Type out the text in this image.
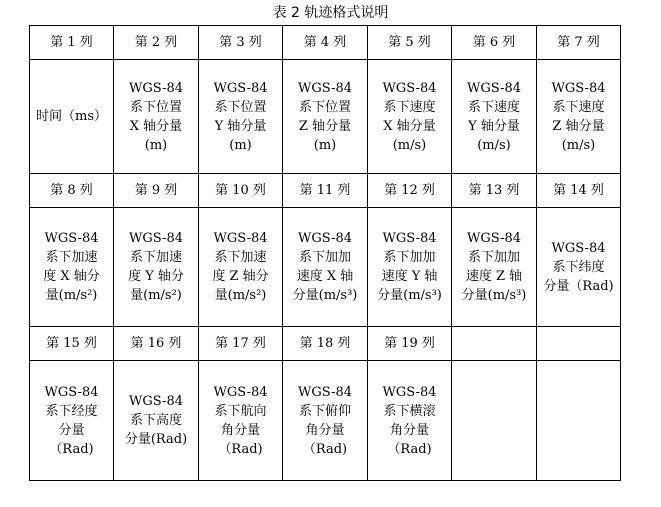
表 2 轨迹格式说明
第 1 列	第 2 列	第 3 列	第 4 列	第 5 列	第 6 列	第 7 列

时间（ms）	WGS-84
系下位置
X 轴分量
(m)	WGS-84
系下位置
Y 轴分量
(m)	WGS-84
系下位置
Z 轴分量
(m)	WGS-84
系下速度
X 轴分量
(m/s)	WGS-84
系下速度
Y 轴分量
(m/s)	WGS-84
系下速度
Z 轴分量
(m/s)

第 8 列	第 9 列	第 10 列	第 11 列	第 12 列	第 13 列	第 14 列

WGS-84
系下加速
度 X 轴分
量(m/s²)	WGS-84
系下加速
度 Y 轴分
量(m/s²)	WGS-84
系下加速
度 Z 轴分
量(m/s²)	WGS-84
系下加加
速度 X 轴
分量(m/s³)	WGS-84
系下加加
速度 Y 轴
分量(m/s³)	WGS-84
系下加加
速度 Z 轴
分量(m/s³)	WGS-84
系下纬度
分量（Rad)

第 15 列	第 16 列	第 17 列	第 18 列	第 19 列		

WGS-84
系下经度
分量
（Rad)	WGS-84
系下高度
分量(Rad)	WGS-84
系下航向
角分量
（Rad)	WGS-84
系下俯仰
角分量
（Rad)	WGS-84
系下横滚
角分量
（Rad)		
